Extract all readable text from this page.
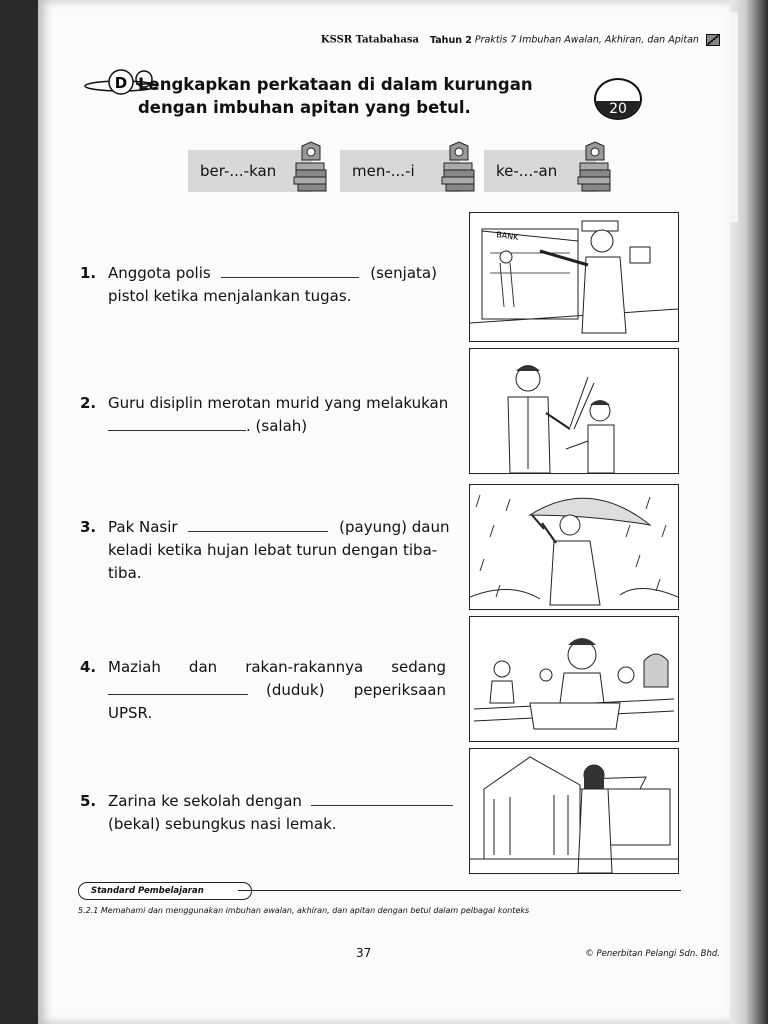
KSSR Tatabahasa Tahun 2 Praktis 7 Imbuhan Awalan, Akhiran, dan Apitan
D Lengkapkan perkataan di dalam kurungan dengan imbuhan apitan yang betul.	20
ber-...-kan	men-...-i	ke-...-an
1. Anggota polis	(senjata)
pistol ketika menjalankan tugas.
2. Guru disiplin merotan murid yang melakukan
. (salah)
3. Pak Nasir	(payung) daun
keladi ketika hujan lebat turun dengan tiba-
tiba.
4. Maziah dan rakan-rakannya sedang
(duduk) peperiksaan
UPSR.
5. Zarina ke sekolah dengan
(bekal) sebungkus nasi lemak.
BANK
Standard Pembelajaran
5.2.1 Memahami dan menggunakan imbuhan awalan, akhiran, dan apitan dengan betul dalam pelbagai konteks
37	© Penerbitan Pelangi Sdn. Bhd.
